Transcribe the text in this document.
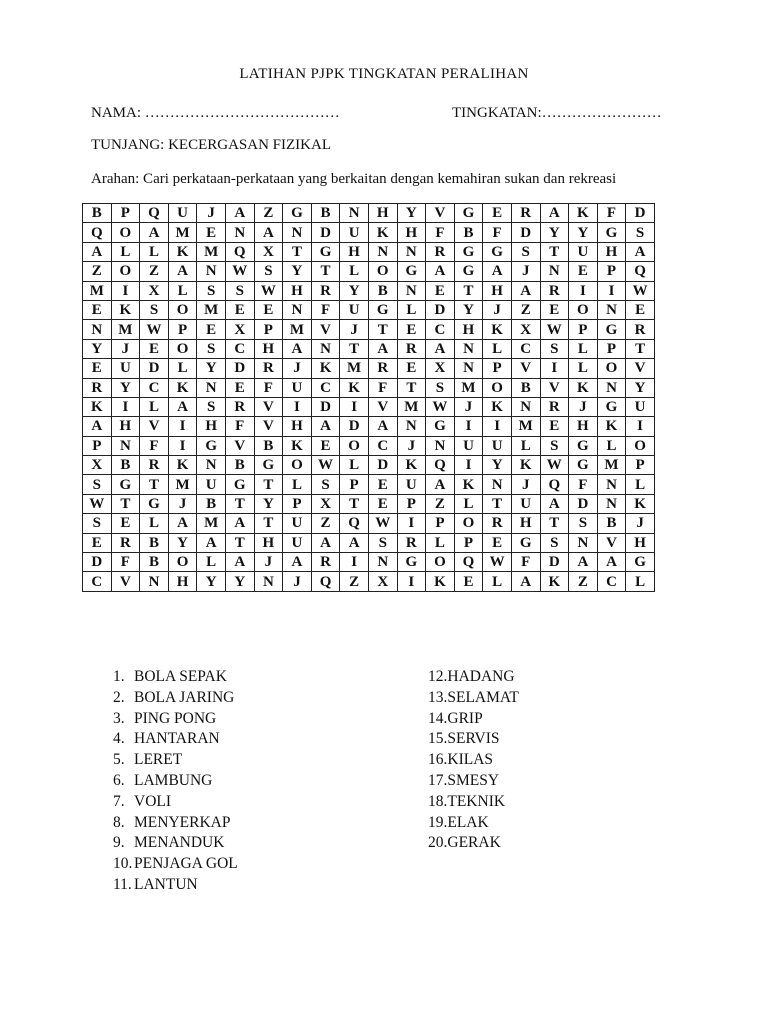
LATIHAN PJPK TINGKATAN PERALIHAN
NAMA: …………………………………	TINGKATAN:……………………
TUNJANG: KECERGASAN FIZIKAL
Arahan: Cari perkataan-perkataan yang berkaitan dengan kemahiran sukan dan rekreasi
B	P	Q	U	J	A	Z	G	B	N	H	Y	V	G	E	R	A	K	F	D
Q	O	A	M	E	N	A	N	D	U	K	H	F	B	F	D	Y	Y	G	S
A	L	L	K	M	Q	X	T	G	H	N	N	R	G	G	S	T	U	H	A
Z	O	Z	A	N	W	S	Y	T	L	O	G	A	G	A	J	N	E	P	Q
M	I	X	L	S	S	W	H	R	Y	B	N	E	T	H	A	R	I	I	W
E	K	S	O	M	E	E	N	F	U	G	L	D	Y	J	Z	E	O	N	E
N	M	W	P	E	X	P	M	V	J	T	E	C	H	K	X	W	P	G	R
Y	J	E	O	S	C	H	A	N	T	A	R	A	N	L	C	S	L	P	T
E	U	D	L	Y	D	R	J	K	M	R	E	X	N	P	V	I	L	O	V
R	Y	C	K	N	E	F	U	C	K	F	T	S	M	O	B	V	K	N	Y
K	I	L	A	S	R	V	I	D	I	V	M	W	J	K	N	R	J	G	U
A	H	V	I	H	F	V	H	A	D	A	N	G	I	I	M	E	H	K	I
P	N	F	I	G	V	B	K	E	O	C	J	N	U	U	L	S	G	L	O
X	B	R	K	N	B	G	O	W	L	D	K	Q	I	Y	K	W	G	M	P
S	G	T	M	U	G	T	L	S	P	E	U	A	K	N	J	Q	F	N	L
W	T	G	J	B	T	Y	P	X	T	E	P	Z	L	T	U	A	D	N	K
S	E	L	A	M	A	T	U	Z	Q	W	I	P	O	R	H	T	S	B	J
E	R	B	Y	A	T	H	U	A	A	S	R	L	P	E	G	S	N	V	H
D	F	B	O	L	A	J	A	R	I	N	G	O	Q	W	F	D	A	A	G
C	V	N	H	Y	Y	N	J	Q	Z	X	I	K	E	L	A	K	Z	C	L
1. BOLA SEPAK
2. BOLA JARING
3. PING PONG
4. HANTARAN
5. LERET
6. LAMBUNG
7. VOLI
8. MENYERKAP
9. MENANDUK
10. PENJAGA GOL
11. LANTUN
12.HADANG
13.SELAMAT
14.GRIP
15.SERVIS
16.KILAS
17.SMESY
18.TEKNIK
19.ELAK
20.GERAK
